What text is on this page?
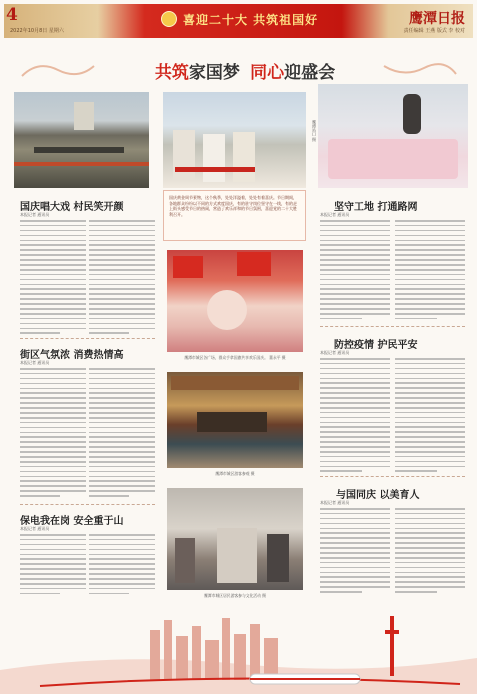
4
2022年10月8日 星期六
喜迎二十大 共筑祖国好	鹰潭日报
责任编辑 王燕 版式 李 校对
共筑家国梦 同心迎盛会
鹰潭站口 摄
国庆唱大戏 村民笑开颜
本报记者 通讯员
街区气氛浓 消费热情高
本报记者 通讯员
保电我在岗 安全重于山
本报记者 通讯员
国庆黄金周节景物，这个秋季，处处洋溢着，处处有着喜庆。节日期间，各地群众纷纷以不同的方式欢度国庆，有的驻守岗位坚守在一线，有的走上街头感受节日的热闹，营造了欢乐祥和的节日氛围，喜迎党的二十大胜利召开。
鹰潭市城区各广场，群众手拿国旗共享欢乐国庆。 董永平 摄
鹰潭市城区游客参观 摄
鹰潭市城区居民游客参与文化活动 摄
坚守工地 打通路网
本报记者 通讯员
防控疫情 护民平安
本报记者 通讯员
与国同庆 以美育人
本报记者 通讯员
